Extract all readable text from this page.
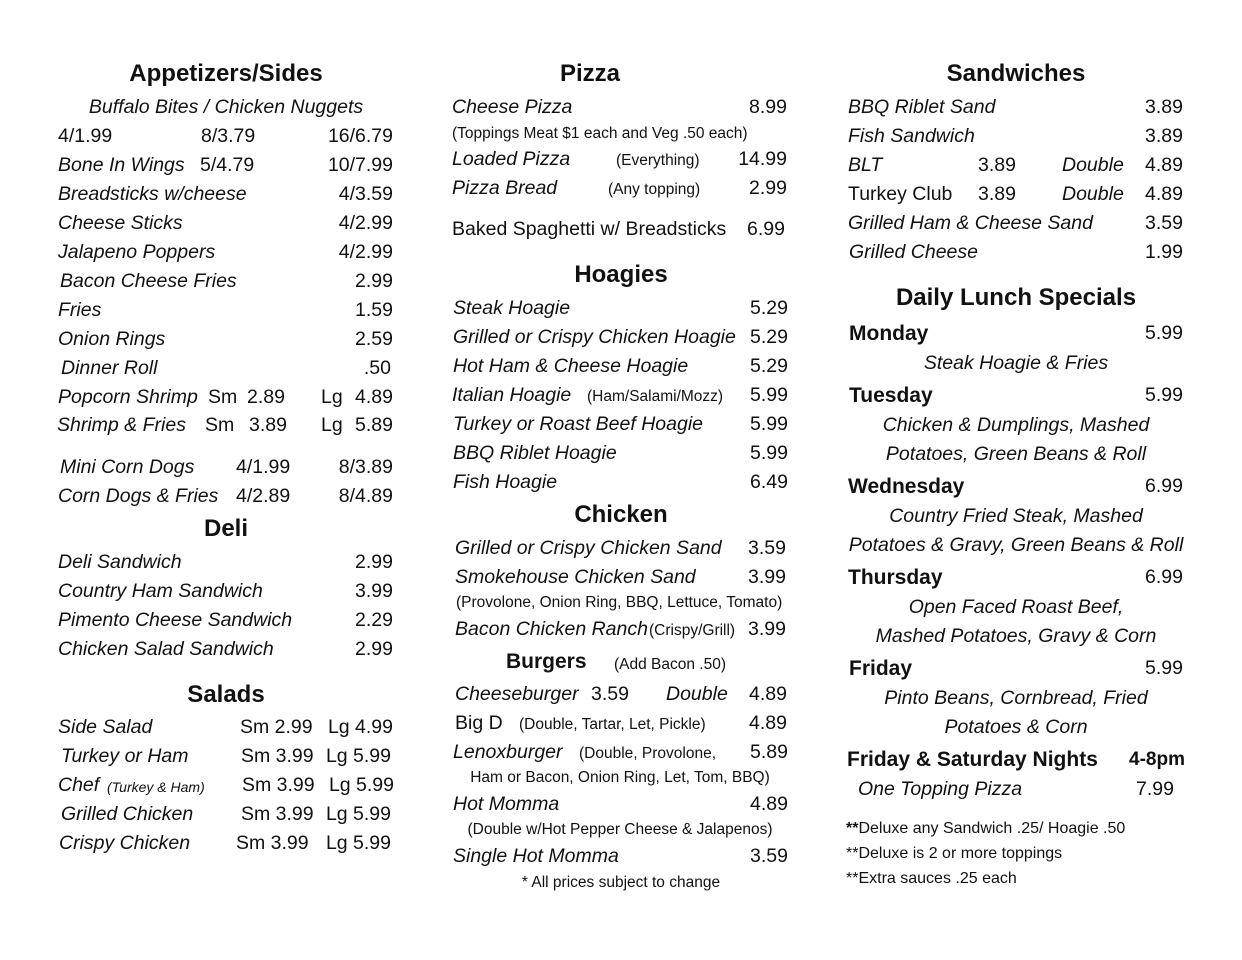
Appetizers/Sides
Buffalo Bites / Chicken Nuggets
4/1.99	8/3.79	16/6.79
Bone In Wings 5/4.79	10/7.99
Breadsticks w/cheese	4/3.59
Cheese Sticks	4/2.99
Jalapeno Poppers	4/2.99
Bacon Cheese Fries	2.99
Fries	1.59
Onion Rings	2.59
Dinner Roll	.50
Popcorn Shrimp Sm 2.89 Lg 4.89
Shrimp & Fries Sm 3.89 Lg 5.89
Mini Corn Dogs 4/1.99 8/3.89
Corn Dogs & Fries 4/2.89 8/4.89
Deli
Deli Sandwich	2.99
Country Ham Sandwich	3.99
Pimento Cheese Sandwich	2.29
Chicken Salad Sandwich	2.99
Salads
Side Salad	Sm 2.99 Lg 4.99
Turkey or Ham	Sm 3.99 Lg 5.99
Chef (Turkey & Ham) Sm 3.99 Lg 5.99
Grilled Chicken Sm 3.99 Lg 5.99
Crispy Chicken Sm 3.99 Lg 5.99
Pizza
Cheese Pizza	8.99
(Toppings Meat $1 each and Veg .50 each)
Loaded Pizza	(Everything) 14.99
Pizza Bread	(Any topping)	2.99
Baked Spaghetti w/ Breadsticks 6.99
Hoagies
Steak Hoagie	5.29
Grilled or Crispy Chicken Hoagie 5.29
Hot Ham & Cheese Hoagie	5.29
Italian Hoagie (Ham/Salami/Mozz) 5.99
Turkey or Roast Beef Hoagie 5.99
BBQ Riblet Hoagie	5.99
Fish Hoagie	6.49
Chicken
Grilled or Crispy Chicken Sand 3.59
Smokehouse Chicken Sand	3.99
(Provolone, Onion Ring, BBQ, Lettuce, Tomato)
Bacon Chicken Ranch (Crispy/Grill) 3.99
Burgers (Add Bacon .50)
Cheeseburger 3.59 Double 4.89
Big D (Double, Tartar, Let, Pickle) 4.89
Lenoxburger (Double, Provolone, 5.89
Ham or Bacon, Onion Ring, Let, Tom, BBQ)
Hot Momma	4.89
(Double w/Hot Pepper Cheese & Jalapenos)
Single Hot Momma	3.59
* All prices subject to change
Sandwiches
BBQ Riblet Sand	3.89
Fish Sandwich	3.89
BLT	3.89 Double 4.89
Turkey Club 3.89 Double 4.89
Grilled Ham & Cheese Sand	3.59
Grilled Cheese	1.99
Daily Lunch Specials
Monday	5.99
Steak Hoagie & Fries
Tuesday	5.99
Chicken & Dumplings, Mashed
Potatoes, Green Beans & Roll
Wednesday	6.99
Country Fried Steak, Mashed
Potatoes & Gravy, Green Beans & Roll
Thursday	6.99
Open Faced Roast Beef,
Mashed Potatoes, Gravy & Corn
Friday	5.99
Pinto Beans, Cornbread, Fried
Potatoes & Corn
Friday & Saturday Nights 4-8pm
One Topping Pizza	7.99
**Deluxe any Sandwich .25/ Hoagie .50
**Deluxe is 2 or more toppings
**Extra sauces .25 each
